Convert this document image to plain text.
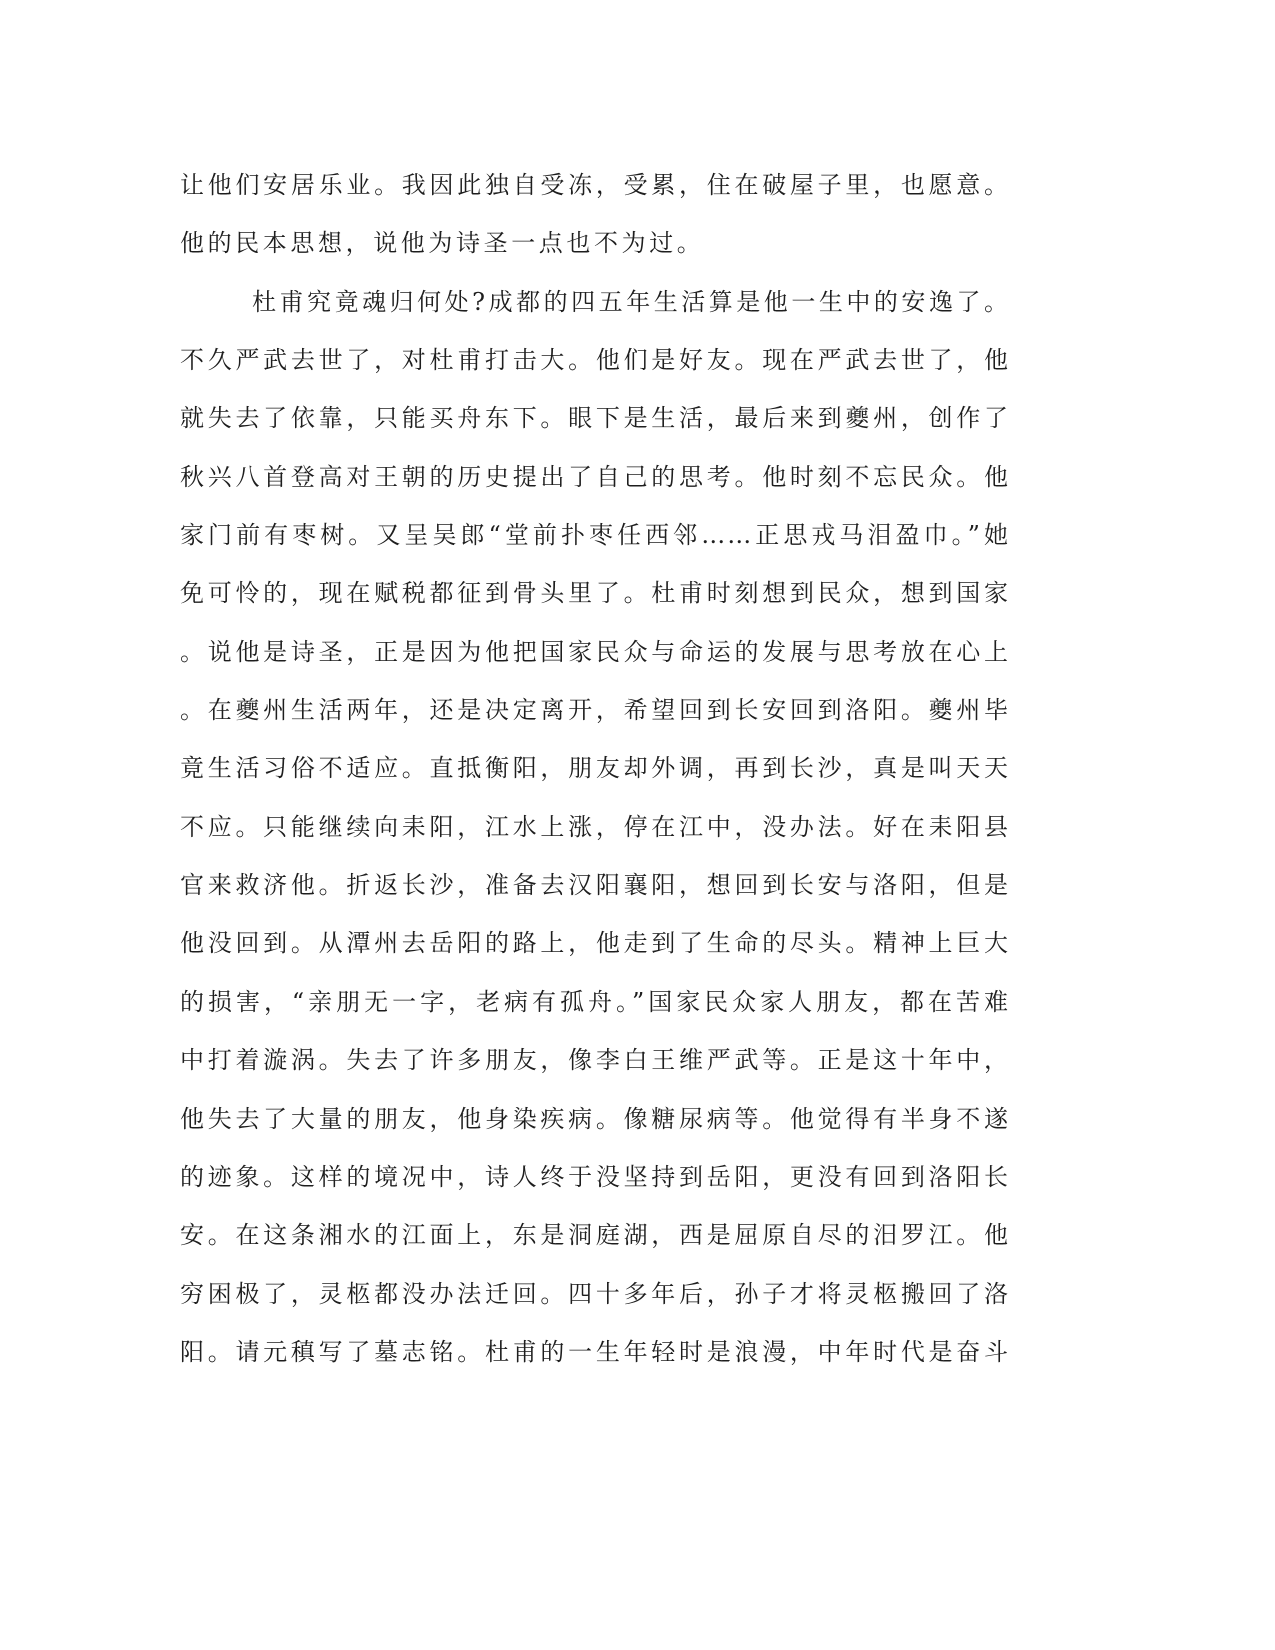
让他们安居乐业。我因此独自受冻，受累，住在破屋子里，也愿意。
他的民本思想，说他为诗圣一点也不为过。
杜甫究竟魂归何处?成都的四五年生活算是他一生中的安逸了。
不久严武去世了，对杜甫打击大。他们是好友。现在严武去世了，他
就失去了依靠，只能买舟东下。眼下是生活，最后来到夔州，创作了
秋兴八首登高对王朝的历史提出了自己的思考。他时刻不忘民众。他
家门前有枣树。又呈吴郎“堂前扑枣任西邻……正思戎马泪盈巾。”她
免可怜的，现在赋税都征到骨头里了。杜甫时刻想到民众，想到国家
。说他是诗圣，正是因为他把国家民众与命运的发展与思考放在心上
。在夔州生活两年，还是决定离开，希望回到长安回到洛阳。夔州毕
竟生活习俗不适应。直抵衡阳，朋友却外调，再到长沙，真是叫天天
不应。只能继续向耒阳，江水上涨，停在江中，没办法。好在耒阳县
官来救济他。折返长沙，准备去汉阳襄阳，想回到长安与洛阳，但是
他没回到。从潭州去岳阳的路上，他走到了生命的尽头。精神上巨大
的损害，“亲朋无一字，老病有孤舟。”国家民众家人朋友，都在苦难
中打着漩涡。失去了许多朋友，像李白王维严武等。正是这十年中，
他失去了大量的朋友，他身染疾病。像糖尿病等。他觉得有半身不遂
的迹象。这样的境况中，诗人终于没坚持到岳阳，更没有回到洛阳长
安。在这条湘水的江面上，东是洞庭湖，西是屈原自尽的汨罗江。他
穷困极了，灵柩都没办法迁回。四十多年后，孙子才将灵柩搬回了洛
阳。请元稹写了墓志铭。杜甫的一生年轻时是浪漫，中年时代是奋斗
